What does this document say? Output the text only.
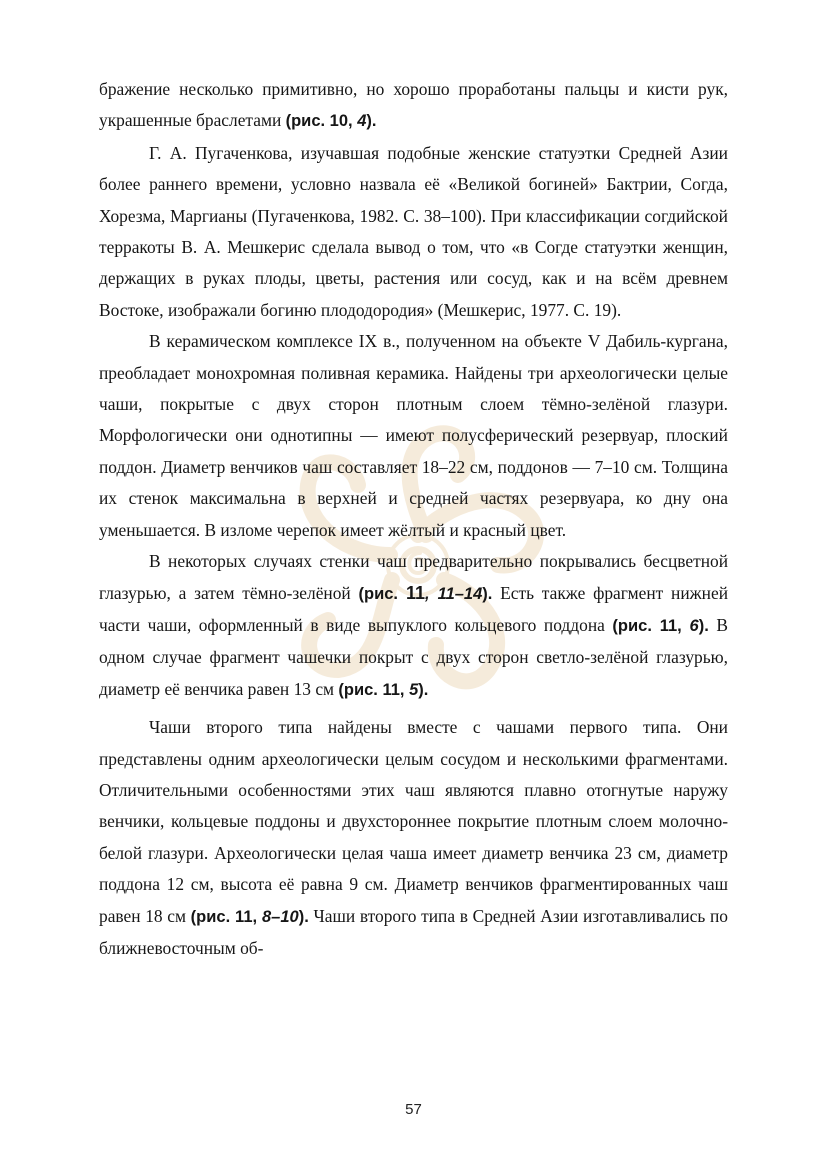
бражение несколько примитивно, но хорошо проработаны пальцы и кисти рук, украшенные браслетами (рис. 10, 4).

Г. А. Пугаченкова, изучавшая подобные женские статуэтки Средней Азии более раннего времени, условно назвала её «Великой богиней» Бактрии, Согда, Хорезма, Маргианы (Пугаченкова, 1982. С. 38–100). При классификации согдийской терракоты В. А. Мешкерис сделала вывод о том, что «в Согде статуэтки женщин, держащих в руках плоды, цветы, растения или сосуд, как и на всём древнем Востоке, изображали богиню плододородия» (Мешкерис, 1977. С. 19).

В керамическом комплексе IX в., полученном на объекте V Дабиль-кургана, преобладает монохромная поливная керамика. Найдены три археологически целые чаши, покрытые с двух сторон плотным слоем тёмно-зелёной глазури. Морфологически они однотипны — имеют полусферический резервуар, плоский поддон. Диаметр венчиков чаш составляет 18–22 см, поддонов — 7–10 см. Толщина их стенок максимальна в верхней и средней частях резервуара, ко дну она уменьшается. В изломе черепок имеет жёлтый и красный цвет.

В некоторых случаях стенки чаш предварительно покрывались бесцветной глазурью, а затем тёмно-зелёной (рис. 11, 11–14). Есть также фрагмент нижней части чаши, оформленный в виде выпуклого кольцевого поддона (рис. 11, 6). В одном случае фрагмент чашечки покрыт с двух сторон светло-зелёной глазурью, диаметр её венчика равен 13 см (рис. 11, 5).

Чаши второго типа найдены вместе с чашами первого типа. Они представлены одним археологически целым сосудом и несколькими фрагментами. Отличительными особенностями этих чаш являются плавно отогнутые наружу венчики, кольцевые поддоны и двухстороннее покрытие плотным слоем молочно-белой глазури. Археологически целая чаша имеет диаметр венчика 23 см, диаметр поддона 12 см, высота её равна 9 см. Диаметр венчиков фрагментированных чаш равен 18 см (рис. 11, 8–10). Чаши второго типа в Средней Азии изготавливались по ближневосточным об-

57
